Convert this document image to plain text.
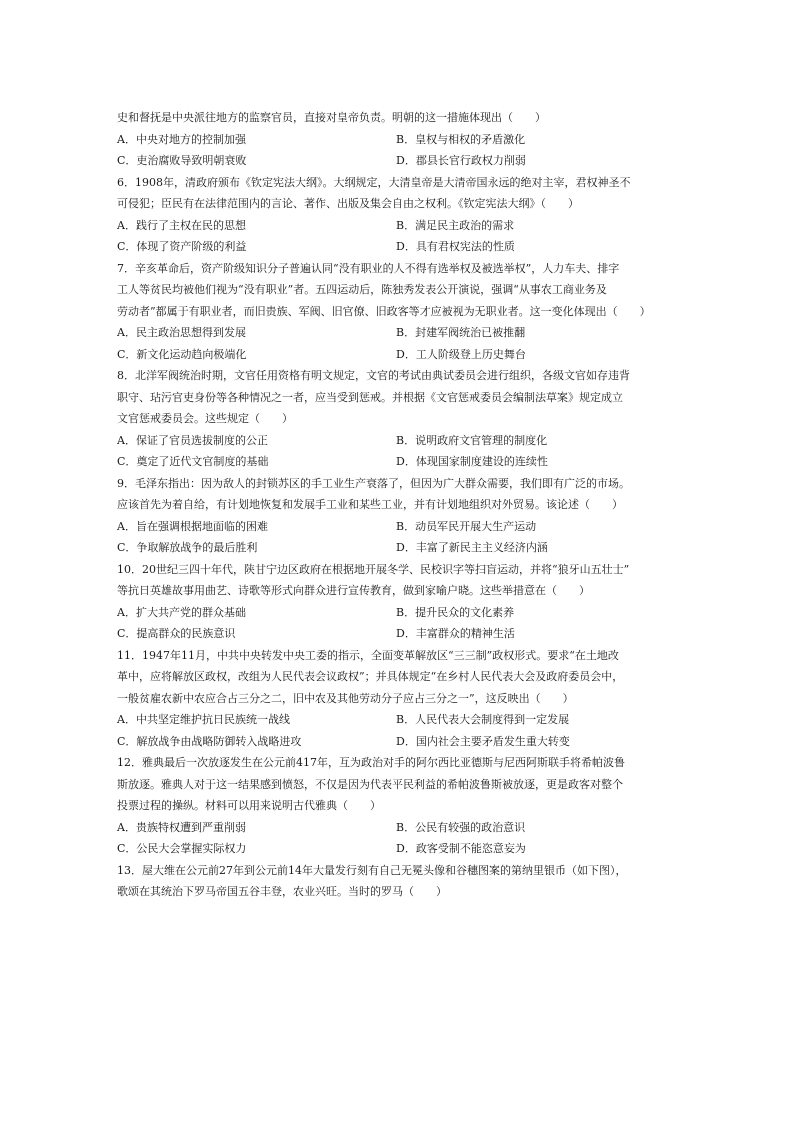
史和督抚是中央派往地方的监察官员，直接对皇帝负责。明朝的这一措施体现出（　　）
A．中央对地方的控制加强	B．皇权与相权的矛盾激化
C．吏治腐败导致明朝衰败	D．郡县长官行政权力削弱
6．1908年，清政府颁布《钦定宪法大纲》。大纲规定，大清皇帝是大清帝国永远的绝对主宰，君权神圣不
可侵犯；臣民有在法律范围内的言论、著作、出版及集会自由之权利。《钦定宪法大纲》（　　）
A．践行了主权在民的思想	B．满足民主政治的需求
C．体现了资产阶级的利益	D．具有君权宪法的性质
7．辛亥革命后，资产阶级知识分子普遍认同“没有职业的人不得有选举权及被选举权”，人力车夫、排字
工人等贫民均被他们视为“没有职业”者。五四运动后，陈独秀发表公开演说，强调“从事农工商业务及
劳动者”都属于有职业者，而旧贵族、军阀、旧官僚、旧政客等才应被视为无职业者。这一变化体现出（　　）
A．民主政治思想得到发展	B．封建军阀统治已被推翻
C．新文化运动趋向极端化	D．工人阶级登上历史舞台
8．北洋军阀统治时期，文官任用资格有明文规定，文官的考试由典试委员会进行组织，各级文官如存违背
职守、玷污官吏身份等各种情况之一者，应当受到惩戒。并根据《文官惩戒委员会编制法草案》规定成立
文官惩戒委员会。这些规定（　　）
A．保证了官员选拔制度的公正	B．说明政府文官管理的制度化
C．奠定了近代文官制度的基础	D．体现国家制度建设的连续性
9．毛泽东指出：因为敌人的封锁苏区的手工业生产衰落了，但因为广大群众需要，我们即有广泛的市场。
应该首先为着自给，有计划地恢复和发展手工业和某些工业，并有计划地组织对外贸易。该论述（　　）
A．旨在强调根据地面临的困难	B．动员军民开展大生产运动
C．争取解放战争的最后胜利	D．丰富了新民主主义经济内涵
10．20世纪三四十年代，陕甘宁边区政府在根据地开展冬学、民校识字等扫盲运动，并将“狼牙山五壮士”
等抗日英雄故事用曲艺、诗歌等形式向群众进行宣传教育，做到家喻户晓。这些举措意在（　　）
A．扩大共产党的群众基础	B．提升民众的文化素养
C．提高群众的民族意识	D．丰富群众的精神生活
11．1947年11月，中共中央转发中央工委的指示，全面变革解放区“三三制”政权形式。要求“在土地改
革中，应将解放区政权，改组为人民代表会议政权”；并具体规定“在乡村人民代表大会及政府委员会中，
一般贫雇农新中农应合占三分之二，旧中农及其他劳动分子应占三分之一”，这反映出（　　）
A．中共坚定维护抗日民族统一战线	B．人民代表大会制度得到一定发展
C．解放战争由战略防御转入战略进攻	D．国内社会主要矛盾发生重大转变
12．雅典最后一次放逐发生在公元前417年，互为政治对手的阿尔西比亚德斯与尼西阿斯联手将希帕波鲁
斯放逐。雅典人对于这一结果感到愤怒，不仅是因为代表平民利益的希帕波鲁斯被放逐，更是政客对整个
投票过程的操纵。材料可以用来说明古代雅典（　　）
A．贵族特权遭到严重削弱	B．公民有较强的政治意识
C．公民大会掌握实际权力	D．政客受制不能恣意妄为
13．屋大维在公元前27年到公元前14年大量发行刻有自己无冕头像和谷穗图案的第纳里银币（如下图），
歌颂在其统治下罗马帝国五谷丰登，农业兴旺。当时的罗马（　　）
